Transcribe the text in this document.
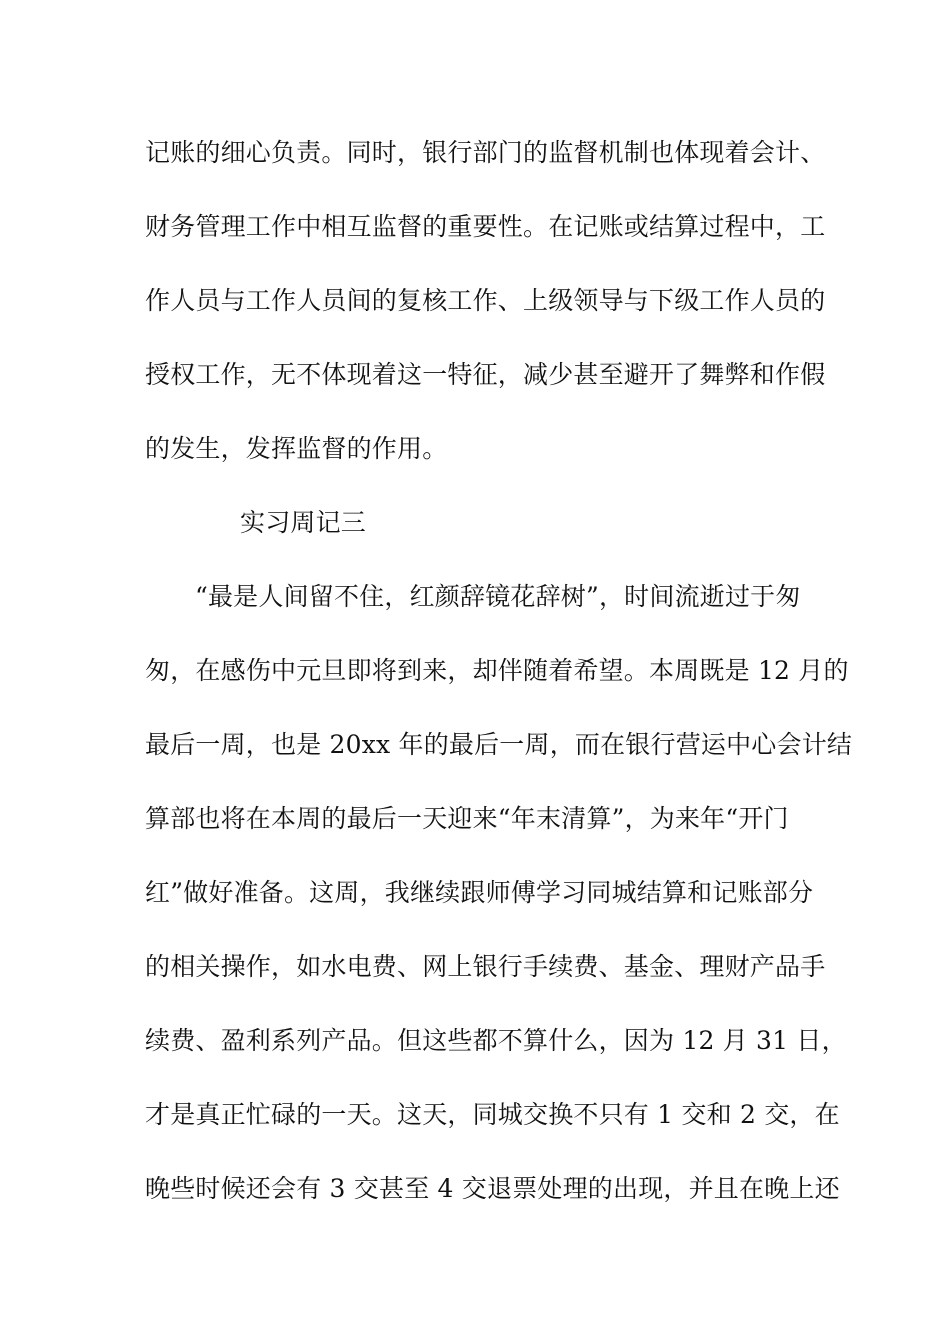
记账的细心负责。同时，银行部门的监督机制也体现着会计、
财务管理工作中相互监督的重要性。在记账或结算过程中，工
作人员与工作人员间的复核工作、上级领导与下级工作人员的
授权工作，无不体现着这一特征，减少甚至避开了舞弊和作假
的发生，发挥监督的作用。
实习周记三
“最是人间留不住，红颜辞镜花辞树”，时间流逝过于匆
匆，在感伤中元旦即将到来，却伴随着希望。本周既是 12 月的
最后一周，也是 20xx 年的最后一周，而在银行营运中心会计结
算部也将在本周的最后一天迎来“年末清算”，为来年“开门
红”做好准备。这周，我继续跟师傅学习同城结算和记账部分
的相关操作，如水电费、网上银行手续费、基金、理财产品手
续费、盈利系列产品。但这些都不算什么，因为 12 月 31 日，
才是真正忙碌的一天。这天，同城交换不只有 1 交和 2 交，在
晚些时候还会有 3 交甚至 4 交退票处理的出现，并且在晚上还
